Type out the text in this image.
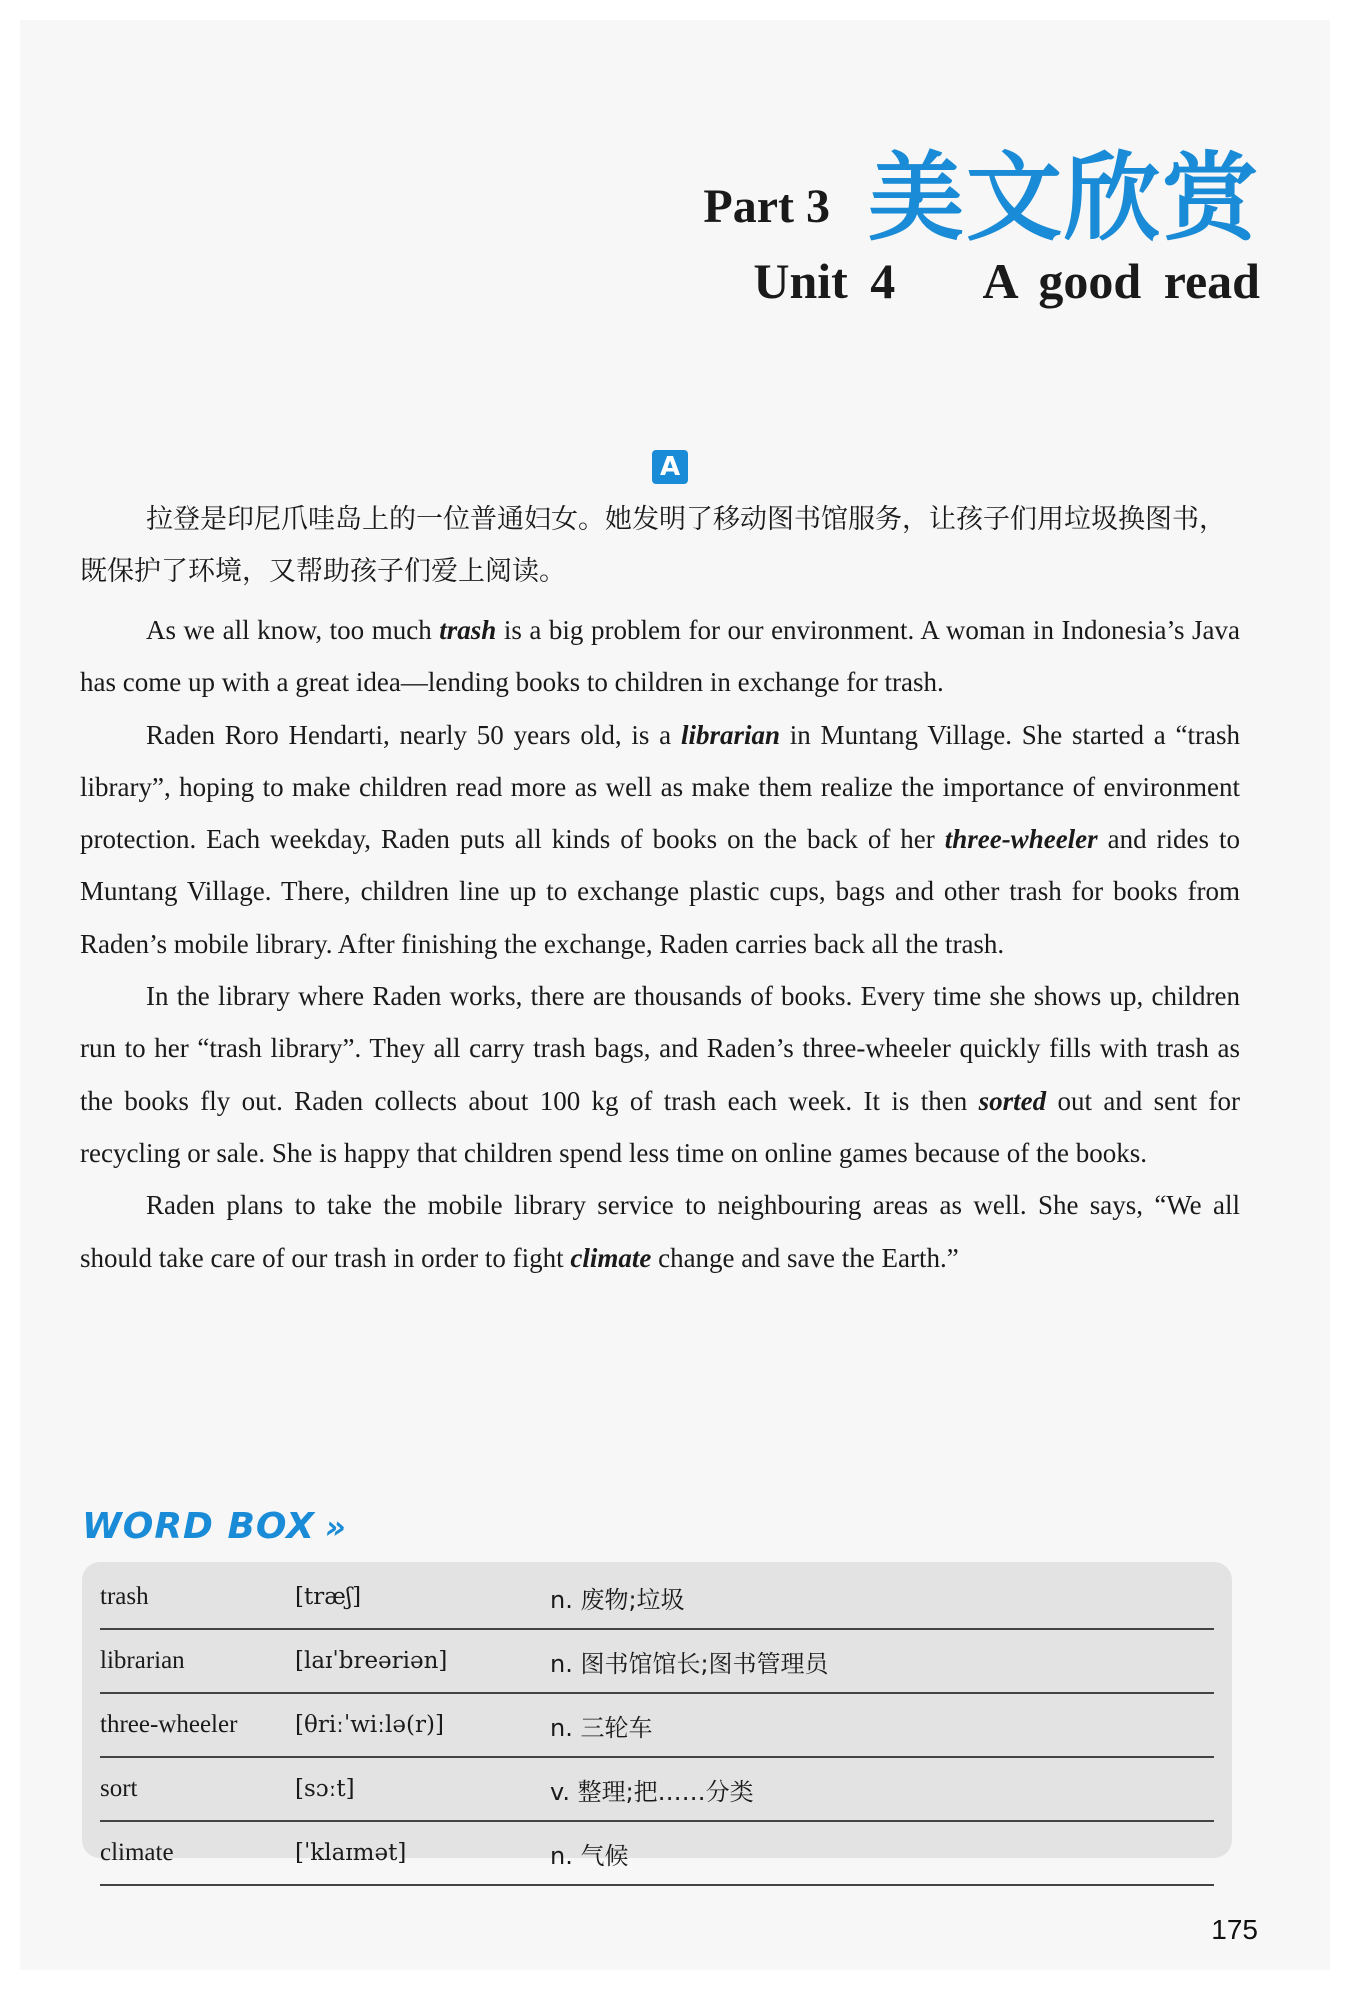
Part 3 美文欣赏
Unit 4    A good read
A

拉登是印尼爪哇岛上的一位普通妇女。她发明了移动图书馆服务，让孩子们用垃圾换图书，既保护了环境，又帮助孩子们爱上阅读。

As we all know, too much trash is a big problem for our environment. A woman in Indonesia’s Java has come up with a great idea—lending books to children in exchange for trash.

Raden Roro Hendarti, nearly 50 years old, is a librarian in Muntang Village. She started a “trash library”, hoping to make children read more as well as make them realize the importance of environment protection. Each weekday, Raden puts all kinds of books on the back of her three-wheeler and rides to Muntang Village. There, children line up to exchange plastic cups, bags and other trash for books from Raden’s mobile library. After finishing the exchange, Raden carries back all the trash.

In the library where Raden works, there are thousands of books. Every time she shows up, children run to her “trash library”. They all carry trash bags, and Raden’s three-wheeler quickly fills with trash as the books fly out. Raden collects about 100 kg of trash each week. It is then sorted out and sent for recycling or sale. She is happy that children spend less time on online games because of the books.

Raden plans to take the mobile library service to neighbouring areas as well. She says, “We all should take care of our trash in order to fight climate change and save the Earth.”

WORD BOX »
trash	[træʃ]	n. 废物;垃圾
librarian	[laɪˈbreəriən]	n. 图书馆馆长;图书管理员
three-wheeler	[θriːˈwiːlə(r)]	n. 三轮车
sort	[sɔːt]	v. 整理;把……分类
climate	[ˈklaɪmət]	n. 气候
175
